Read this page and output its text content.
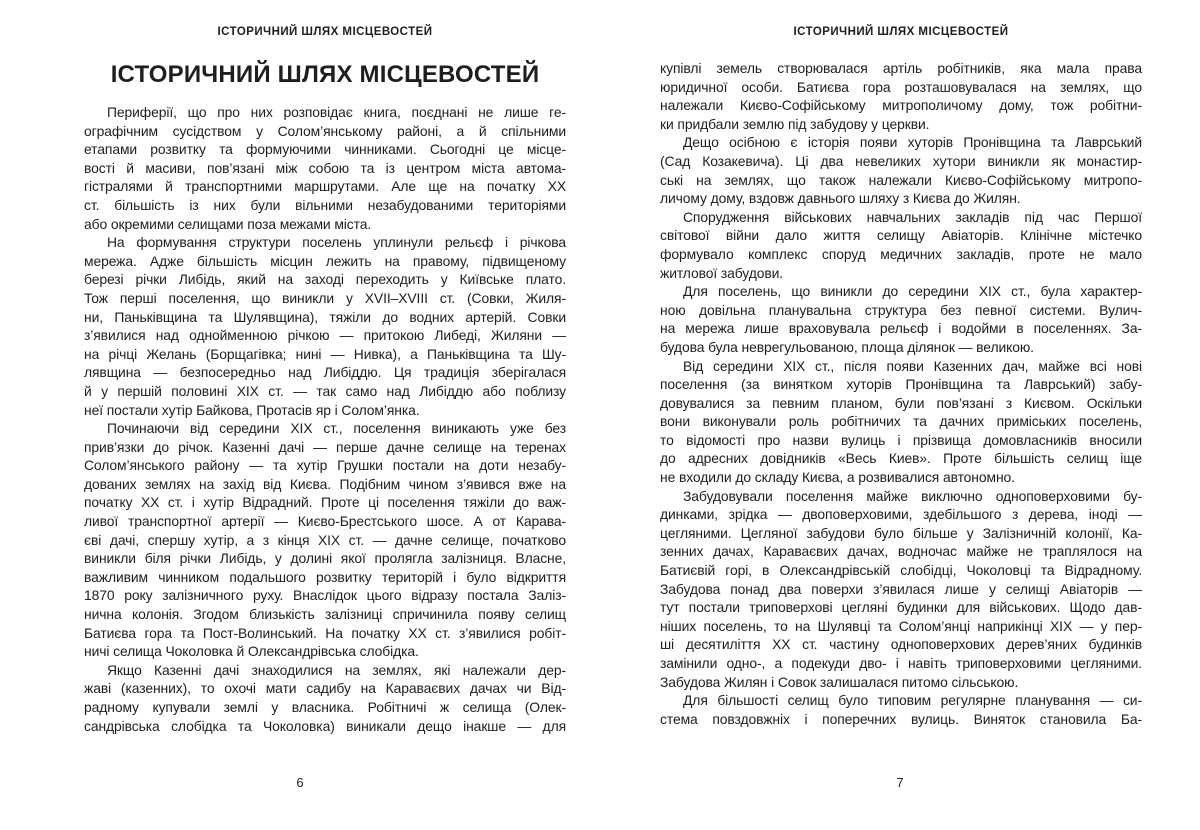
ІСТОРИЧНИЙ ШЛЯХ МІСЦЕВОСТЕЙ
ІСТОРИЧНИЙ ШЛЯХ МІСЦЕВОСТЕЙ
Периферії, що про них розповідає книга, поєднані не лише ге-
ографічним сусідством у Солом’янському районі, а й спільними
етапами розвитку та формуючими чинниками. Сьогодні це місце-
вості й масиви, пов’язані між собою та із центром міста автома-
гістралями й транспортними маршрутами. Але ще на початку XX
ст. більшість із них були вільними незабудованими територіями
або окремими селищами поза межами міста.
На формування структури поселень уплинули рельєф і річкова
мережа. Адже більшість місцин лежить на правому, підвищеному
березі річки Либідь, який на заході переходить у Київське плато.
Тож перші поселення, що виникли у XVII–XVIII ст. (Совки, Жиля-
ни, Паньківщина та Шулявщина), тяжіли до водних артерій. Совки
з’явилися над однойменною річкою — притокою Либеді, Жиляни —
на річці Желань (Борщагівка; нині — Нивка), а Паньківщина та Шу-
лявщина — безпосередньо над Либіддю. Ця традиція зберігалася
й у першій половині XIX ст. — так само над Либіддю або поблизу
неї постали хутір Байкова, Протасів яр і Солом’янка.
Починаючи від середини XIX ст., поселення виникають уже без
прив’язки до річок. Казенні дачі — перше дачне селище на теренах
Солом’янського району — та хутір Грушки постали на доти незабу-
дованих землях на захід від Києва. Подібним чином з’явився вже на
початку XX ст. і хутір Відрадний. Проте ці поселення тяжіли до важ-
ливої транспортної артерії — Києво-Брестського шосе. А от Карава-
єві дачі, спершу хутір, а з кінця XIX ст. — дачне селище, початково
виникли біля річки Либідь, у долині якої пролягла залізниця. Власне,
важливим чинником подальшого розвитку територій і було відкриття
1870 року залізничного руху. Внаслідок цього відразу постала Заліз-
нична колонія. Згодом близькість залізниці спричинила появу селищ
Батиєва гора та Пост-Волинський. На початку XX ст. з’явилися робіт-
ничі селища Чоколовка й Олександрівська слобідка.
Якщо Казенні дачі знаходилися на землях, які належали дер-
жаві (казенних), то охочі мати садибу на Караваєвих дачах чи Від-
радному купували землі у власника. Робітничі ж селища (Олек-
сандрівська слобідка та Чоколовка) виникали дещо інакше — для
6
ІСТОРИЧНИЙ ШЛЯХ МІСЦЕВОСТЕЙ
купівлі земель створювалася артіль робітників, яка мала права
юридичної особи. Батиєва гора розташовувалася на землях, що
належали Києво-Софійському митрополичому дому, тож робітни-
ки придбали землю під забудову у церкви.
Дещо осібною є історія появи хуторів Пронівщина та Лаврський
(Сад Козакевича). Ці два невеликих хутори виникли як монастир-
ські на землях, що також належали Києво-Софійському митропо-
личому дому, вздовж давнього шляху з Києва до Жилян.
Спорудження військових навчальних закладів під час Першої
світової війни дало життя селищу Авіаторів. Клінічне містечко
формувало комплекс споруд медичних закладів, проте не мало
житлової забудови.
Для поселень, що виникли до середини XIX ст., була характер-
ною довільна планувальна структура без певної системи. Вулич-
на мережа лише враховувала рельєф і водойми в поселеннях. За-
будова була неврегульованою, площа ділянок — великою.
Від середини XIX ст., після появи Казенних дач, майже всі нові
поселення (за винятком хуторів Пронівщина та Лаврський) забу-
довувалися за певним планом, були пов’язані з Києвом. Оскільки
вони виконували роль робітничих та дачних приміських поселень,
то відомості про назви вулиць і прізвища домовласників вносили
до адресних довідників «Весь Киев». Проте більшість селищ іще
не входили до складу Києва, а розвивалися автономно.
Забудовували поселення майже виключно одноповерховими бу-
динками, зрідка — двоповерховими, здебільшого з дерева, іноді —
цегляними. Цегляної забудови було більше у Залізничній колонії, Ка-
зенних дачах, Караваєвих дачах, водночас майже не траплялося на
Батиєвій горі, в Олександрівській слобідці, Чоколовці та Відрадному.
Забудова понад два поверхи з’явилася лише у селищі Авіаторів —
тут постали триповерхові цегляні будинки для військових. Щодо дав-
ніших поселень, то на Шулявці та Солом’янці наприкінці XIX — у пер-
ші десятиліття XX ст. частину одноповерхових дерев’яних будинків
замінили одно-, а подекуди дво- і навіть триповерховими цегляними.
Забудова Жилян і Совок залишалася питомо сільською.
Для більшості селищ було типовим регулярне планування — си-
стема повздовжніх і поперечних вулиць. Виняток становила Ба-
7
